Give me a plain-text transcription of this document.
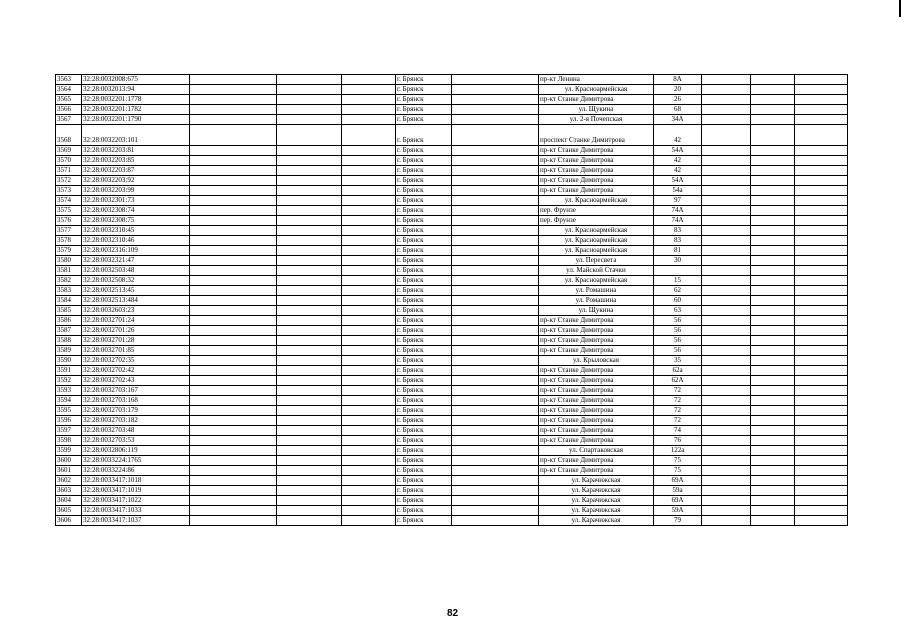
3563	32:28:0032008:675				г. Брянск		пр-кт Ленина	8А			
3564	32:28:0032013:94				г. Брянск		ул. Красноармейская	20			
3565	32:28:0032201:1778				г. Брянск		пр-кт Станке Димитрова	26			
3566	32:28:0032201:1782				г. Брянск		ул. Щукина	68			
3567	32:28:0032201:1790				г. Брянск		ул. 2-я Почепская	34А			
3568	32:28:0032203:101				г. Брянск		проспект Станке Димитрова	42			
3569	32:28:0032203:81				г. Брянск		пр-кт Станке Димитрова	54А			
3570	32:28:0032203:85				г. Брянск		пр-кт Станке Димитрова	42			
3571	32:28:0032203:87				г. Брянск		пр-кт Станке Димитрова	42			
3572	32:28:0032203:92				г. Брянск		пр-кт Станке Димитрова	54А			
3573	32:28:0032203:99				г. Брянск		пр-кт Станке Димитрова	54а			
3574	32:28:0032301:73				г. Брянск		ул. Красноармейская	97			
3575	32:28:0032308:74				г. Брянск		пер. Фрунзе	74А			
3576	32:28:0032308:75				г. Брянск		пер. Фрунзе	74А			
3577	32:28:0032310:45				г. Брянск		ул. Красноармейская	83			
3578	32:28:0032310:46				г. Брянск		ул. Красноармейская	83			
3579	32:28:0032316:109				г. Брянск		ул. Красноармейская	81			
3580	32:28:0032321:47				г. Брянск		ул. Пересвета	30			
3581	32:28:0032503:48				г. Брянск		ул. Майской Стачки				
3582	32:28:0032508:32				г. Брянск		ул. Красноармейская	15			
3583	32:28:0032513:45				г. Брянск		ул. Ромашина	62			
3584	32:28:0032513:484				г. Брянск		ул. Ромашина	60			
3585	32:28:0032603:23				г. Брянск		ул. Щукина	63			
3586	32:28:0032701:24				г. Брянск		пр-кт Станке Димитрова	56			
3587	32:28:0032701:26				г. Брянск		пр-кт Станке Димитрова	56			
3588	32:28:0032701:28				г. Брянск		пр-кт Станке Димитрова	56			
3589	32:28:0032701:85				г. Брянск		пр-кт Станке Димитрова	56			
3590	32:28:0032702:35				г. Брянск		ул. Крыловская	35			
3591	32:28:0032702:42				г. Брянск		пр-кт Станке Димитрова	62а			
3592	32:28:0032702:43				г. Брянск		пр-кт Станке Димитрова	62А			
3593	32:28:0032703:167				г. Брянск		пр-кт Станке Димитрова	72			
3594	32:28:0032703:168				г. Брянск		пр-кт Станке Димитрова	72			
3595	32:28:0032703:179				г. Брянск		пр-кт Станке Димитрова	72			
3596	32:28:0032703:182				г. Брянск		пр-кт Станке Димитрова	72			
3597	32:28:0032703:48				г. Брянск		пр-кт Станке Димитрова	74			
3598	32:28:0032703:53				г. Брянск		пр-кт Станке Димитрова	76			
3599	32:28:0032806:119				г. Брянск		ул. Спартаковская	122а			
3600	32:28:0033224:1765				г. Брянск		пр-кт Станке Димитрова	75			
3601	32:28:0033224:86				г. Брянск		пр-кт Станке Димитрова	75			
3602	32:28:0033417:1018				г. Брянск		ул. Карачижская	69А			
3603	32:28:0033417:1019				г. Брянск		ул. Карачижская	59а			
3604	32:28:0033417:1022				г. Брянск		ул. Карачижская	69А			
3605	32:28:0033417:1033				г. Брянск		ул. Карачижская	59А			
3606	32:28:0033417:1037				г. Брянск		ул. Карачижская	79			
82
